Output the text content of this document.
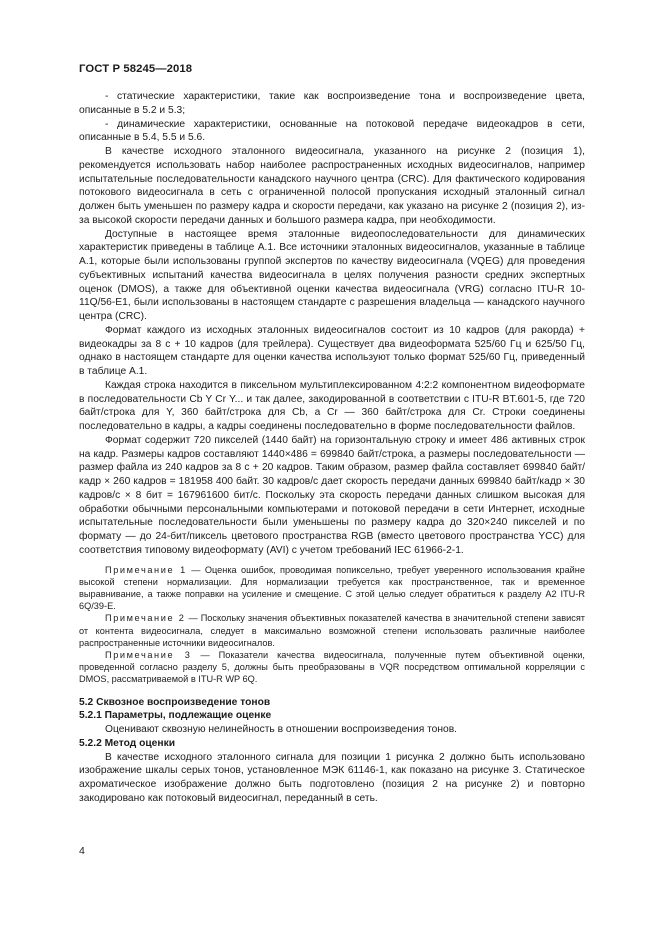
ГОСТ Р 58245—2018

- статические характеристики, такие как воспроизведение тона и воспроизведение цвета, описанные в 5.2 и 5.3;

- динамические характеристики, основанные на потоковой передаче видеокадров в сети, описанные в 5.4, 5.5 и 5.6.

В качестве исходного эталонного видеосигнала, указанного на рисунке 2 (позиция 1), рекомендуется использовать набор наиболее распространенных исходных видеосигналов, например испытательные последовательности канадского научного центра (CRC). Для фактического кодирования потокового видеосигнала в сеть с ограниченной полосой пропускания исходный эталонный сигнал должен быть уменьшен по размеру кадра и скорости передачи, как указано на рисунке 2 (позиция 2), из-за высокой скорости передачи данных и большого размера кадра, при необходимости.

Доступные в настоящее время эталонные видеопоследовательности для динамических характеристик приведены в таблице А.1. Все источники эталонных видеосигналов, указанные в таблице А.1, которые были использованы группой экспертов по качеству видеосигнала (VQEG) для проведения субъективных испытаний качества видеосигнала в целях получения разности средних экспертных оценок (DMOS), а также для объективной оценки качества видеосигнала (VRG) согласно ITU-R 10-11Q/56-E1, были использованы в настоящем стандарте с разрешения владельца — канадского научного центра (CRC).

Формат каждого из исходных эталонных видеосигналов состоит из 10 кадров (для ракорда) + видеокадры за 8 с + 10 кадров (для трейлера). Существует два видеоформата 525/60 Гц и 625/50 Гц, однако в настоящем стандарте для оценки качества используют только формат 525/60 Гц, приведенный в таблице А.1.

Каждая строка находится в пиксельном мультиплексированном 4:2:2 компонентном видеоформате в последовательности Cb Y Cr Y... и так далее, закодированной в соответствии с ITU-R BT.601-5, где 720 байт/строка для Y, 360 байт/строка для Cb, а Cr — 360 байт/строка для Cr. Строки соединены последовательно в кадры, а кадры соединены последовательно в форме последовательности файлов.

Формат содержит 720 пикселей (1440 байт) на горизонтальную строку и имеет 486 активных строк на кадр. Размеры кадров составляют 1440×486 = 699840 байт/строка, а размеры последовательности — размер файла из 240 кадров за 8 с + 20 кадров. Таким образом, размер файла составляет 699840 байт/кадр × 260 кадров = 181958 400 байт. 30 кадров/с дает скорость передачи данных 699840 байт/кадр × 30 кадров/с × 8 бит = 167961600 бит/с. Поскольку эта скорость передачи данных слишком высокая для обработки обычными персональными компьютерами и потоковой передачи в сети Интернет, исходные испытательные последовательности были уменьшены по размеру кадра до 320×240 пикселей и по формату — до 24-бит/пиксель цветового пространства RGB (вместо цветового пространства YCC) для соответствия типовому видеоформату (AVI) с учетом требований IEC 61966-2-1.

Примечание 1 — Оценка ошибок, проводимая попиксельно, требует уверенного использования крайне высокой степени нормализации. Для нормализации требуется как пространственное, так и временное выравнивание, а также поправки на усиление и смещение. С этой целью следует обратиться к разделу А2 ITU-R 6Q/39-E.

Примечание 2 — Поскольку значения объективных показателей качества в значительной степени зависят от контента видеосигнала, следует в максимально возможной степени использовать различные наиболее распространенные источники видеосигналов.

Примечание 3 — Показатели качества видеосигнала, полученные путем объективной оценки, проведенной согласно разделу 5, должны быть преобразованы в VQR посредством оптимальной корреляции с DMOS, рассматриваемой в ITU-R WP 6Q.

5.2 Сквозное воспроизведение тонов

5.2.1 Параметры, подлежащие оценке

Оценивают сквозную нелинейность в отношении воспроизведения тонов.

5.2.2 Метод оценки

В качестве исходного эталонного сигнала для позиции 1 рисунка 2 должно быть использовано изображение шкалы серых тонов, установленное МЭК 61146-1, как показано на рисунке 3. Статическое ахроматическое изображение должно быть подготовлено (позиция 2 на рисунке 2) и повторно закодировано как потоковый видеосигнал, переданный в сеть.

4
